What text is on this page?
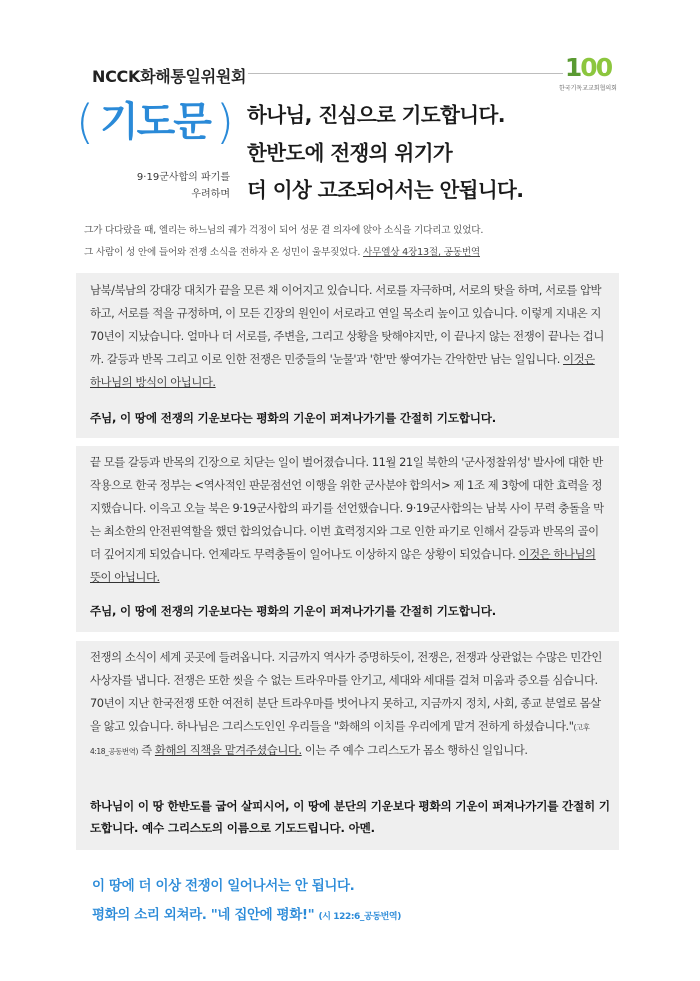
NCCK화해통일위원회	100
한국기독교교회협의회
( 기도문 )
9·19군사합의 파기를
우려하며
하나님, 진심으로 기도합니다.
한반도에 전쟁의 위기가
더 이상 고조되어서는 안됩니다.
그가 다다랐을 때, 엘리는 하느님의 궤가 걱정이 되어 성문 곁 의자에 앉아 소식을 기다리고 있었다.
그 사람이 성 안에 들어와 전쟁 소식을 전하자 온 성민이 울부짖었다. 사무엘상 4장13절, 공동번역

남북/북남의 강대강 대치가 끝을 모른 채 이어지고 있습니다. 서로를 자극하며, 서로의 탓을 하며, 서로를 압박하고, 서로를 적을 규정하며, 이 모든 긴장의 원인이 서로라고 연일 목소리 높이고 있습니다. 이렇게 지내온 지 70년이 지났습니다. 얼마나 더 서로를, 주변을, 그리고 상황을 탓해야지만, 이 끝나지 않는 전쟁이 끝나는 겁니까. 갈등과 반목 그리고 이로 인한 전쟁은 민중들의 '눈물'과 '한'만 쌓여가는 간악한만 남는 일입니다. 이것은 하나님의 방식이 아닙니다.

주님, 이 땅에 전쟁의 기운보다는 평화의 기운이 퍼져나가기를 간절히 기도합니다.

끝 모를 갈등과 반목의 긴장으로 치닫는 일이 벌어졌습니다. 11월 21일 북한의 '군사정찰위성' 발사에 대한 반작용으로 한국 정부는 <역사적인 판문점선언 이행을 위한 군사분야 합의서> 제 1조 제 3항에 대한 효력을 정지했습니다. 이윽고 오늘 북은 9·19군사합의 파기를 선언했습니다. 9·19군사합의는 남북 사이 무력 충돌을 막는 최소한의 안전핀역할을 했던 합의었습니다. 이번 효력정지와 그로 인한 파기로 인해서 갈등과 반목의 골이 더 깊어지게 되었습니다. 언제라도 무력충돌이 일어나도 이상하지 않은 상황이 되었습니다. 이것은 하나님의 뜻이 아닙니다.

주님, 이 땅에 전쟁의 기운보다는 평화의 기운이 퍼져나가기를 간절히 기도합니다.

전쟁의 소식이 세계 곳곳에 들려옵니다. 지금까지 역사가 증명하듯이, 전쟁은, 전쟁과 상관없는 수많은 민간인 사상자를 냅니다. 전쟁은 또한 씻을 수 없는 트라우마를 안기고, 세대와 세대를 걸쳐 미움과 증오를 심습니다. 70년이 지난 한국전쟁 또한 여전히 분단 트라우마를 벗어나지 못하고, 지금까지 정치, 사회, 종교 분열로 몸살을 앓고 있습니다. 하나님은 그리스도인인 우리들을 "화해의 이치를 우리에게 맡겨 전하게 하셨습니다."(고후4:18_공동번역) 즉 화해의 직책을 맡겨주셨습니다. 이는 주 예수 그리스도가 몸소 행하신 일입니다.

하나님이 이 땅 한반도를 굽어 살피시어, 이 땅에 분단의 기운보다 평화의 기운이 퍼져나가기를 간절히 기도합니다. 예수 그리스도의 이름으로 기도드립니다. 아멘.

이 땅에 더 이상 전쟁이 일어나서는 안 됩니다.
평화의 소리 외쳐라. "네 집안에 평화!" (시 122:6_공동번역)
